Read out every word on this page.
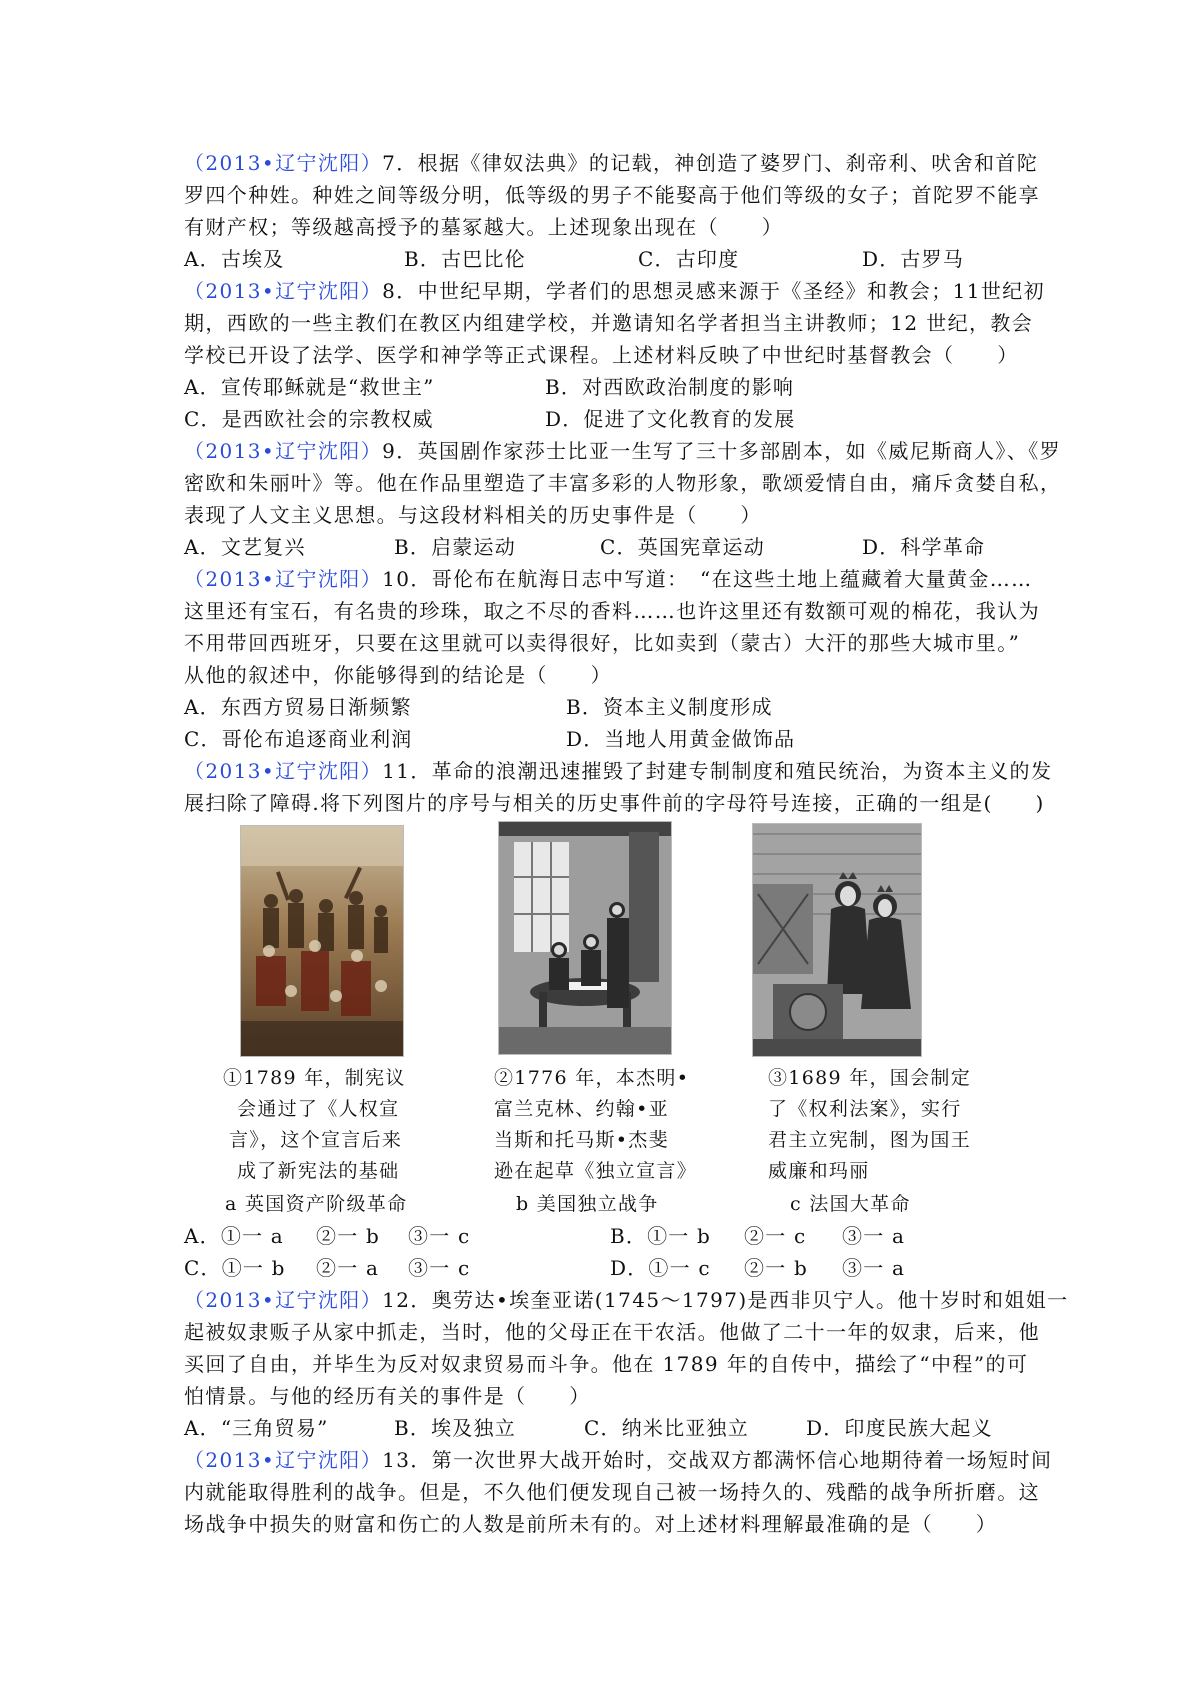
（2013•辽宁沈阳）7．根据《律奴法典》的记载，神创造了婆罗门、刹帝利、吠舍和首陀
罗四个种姓。种姓之间等级分明，低等级的男子不能娶高于他们等级的女子；首陀罗不能享
有财产权；等级越高授予的墓冢越大。上述现象出现在（　　）
A．古埃及	B．古巴比伦	C．古印度	D．古罗马
（2013•辽宁沈阳）8．中世纪早期，学者们的思想灵感来源于《圣经》和教会；11世纪初
期，西欧的一些主教们在教区内组建学校，并邀请知名学者担当主讲教师；12 世纪，教会
学校已开设了法学、医学和神学等正式课程。上述材料反映了中世纪时基督教会（　　）
A．宣传耶稣就是“救世主”	B．对西欧政治制度的影响
C．是西欧社会的宗教权威	D．促进了文化教育的发展
（2013•辽宁沈阳）9．英国剧作家莎士比亚一生写了三十多部剧本，如《威尼斯商人》、《罗
密欧和朱丽叶》等。他在作品里塑造了丰富多彩的人物形象，歌颂爱情自由，痛斥贪婪自私，
表现了人文主义思想。与这段材料相关的历史事件是（　　）
A．文艺复兴	B．启蒙运动	C．英国宪章运动	D．科学革命
（2013•辽宁沈阳）10．哥伦布在航海日志中写道：　“在这些土地上蕴藏着大量黄金……
这里还有宝石，有名贵的珍珠，取之不尽的香料……也许这里还有数额可观的棉花，我认为
不用带回西班牙，只要在这里就可以卖得很好，比如卖到（蒙古）大汗的那些大城市里。”
从他的叙述中，你能够得到的结论是（　　）
A．东西方贸易日渐频繁	B．资本主义制度形成
C．哥伦布追逐商业利润	D．当地人用黄金做饰品
（2013•辽宁沈阳）11．革命的浪潮迅速摧毁了封建专制制度和殖民统治，为资本主义的发
展扫除了障碍.将下列图片的序号与相关的历史事件前的字母符号连接，正确的一组是(　　)
①1789 年，制宪议
会通过了《人权宣
言》，这个宣言后来
成了新宪法的基础
②1776 年，本杰明•
富兰克林、约翰•亚
当斯和托马斯•杰斐
逊在起草《独立宣言》
③1689 年，国会制定
了《权利法案》，实行
君主立宪制，图为国王
威廉和玛丽
a 英国资产阶级革命	b 美国独立战争	c 法国大革命
A．①一 a ②一 b ③一 c	B．①一 b ②一 c ③一 a
C．①一 b ②一 a ③一 c	D．①一 c ②一 b ③一 a
（2013•辽宁沈阳）12．奥劳达•埃奎亚诺(1745～1797)是西非贝宁人。他十岁时和姐姐一
起被奴隶贩子从家中抓走，当时，他的父母正在干农活。他做了二十一年的奴隶，后来，他
买回了自由，并毕生为反对奴隶贸易而斗争。他在 1789 年的自传中，描绘了“中程”的可
怕情景。与他的经历有关的事件是（　　）
A．“三角贸易”	B．埃及独立	C．纳米比亚独立	D．印度民族大起义
（2013•辽宁沈阳）13．第一次世界大战开始时，交战双方都满怀信心地期待着一场短时间
内就能取得胜利的战争。但是，不久他们便发现自己被一场持久的、残酷的战争所折磨。这
场战争中损失的财富和伤亡的人数是前所未有的。对上述材料理解最准确的是（　　）
